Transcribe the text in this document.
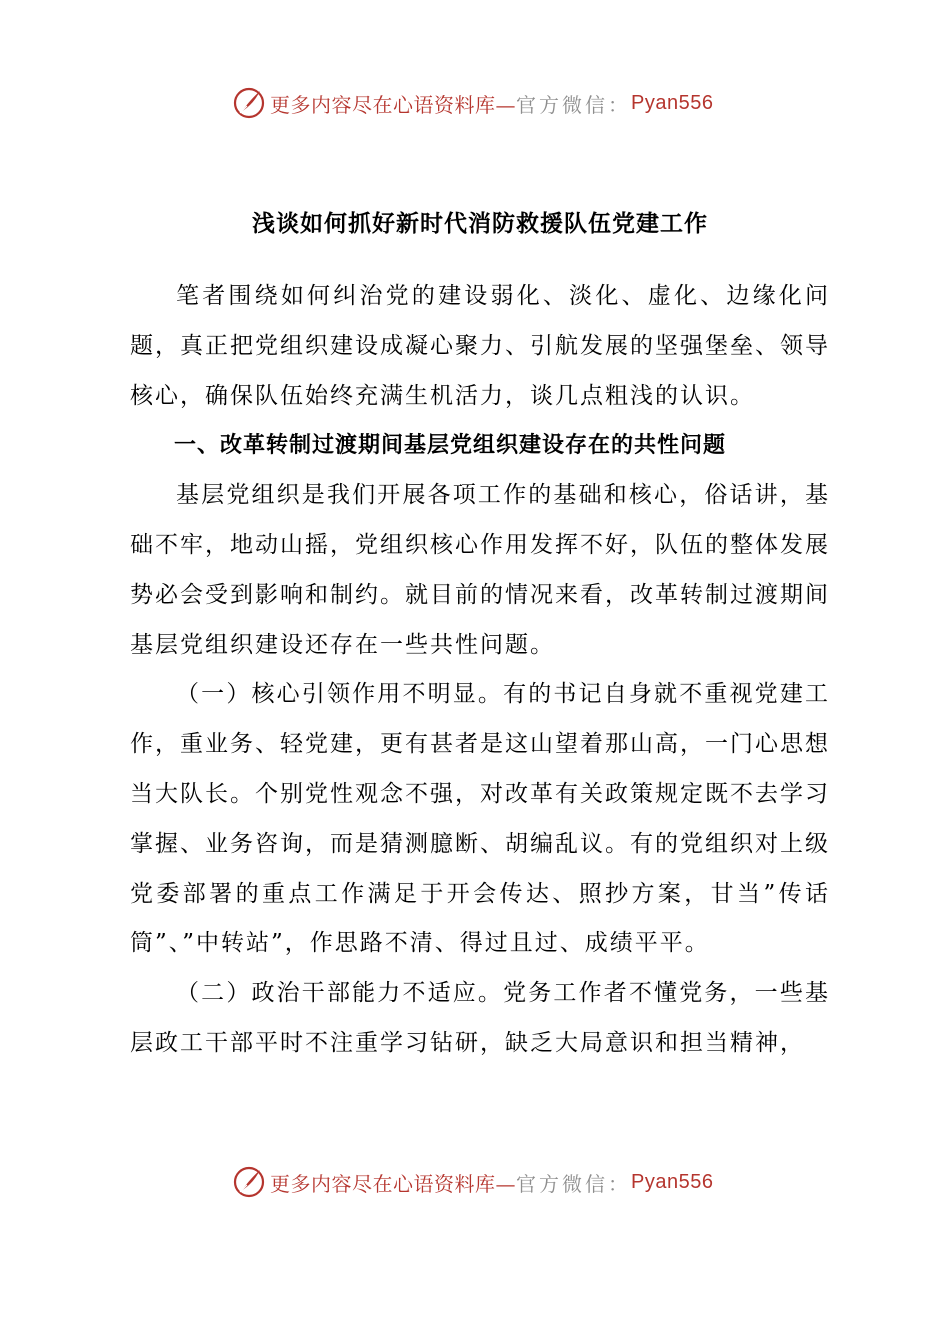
更多内容尽在心语资料库— 官方微信： Pyan556

浅谈如何抓好新时代消防救援队伍党建工作

笔者围绕如何纠治党的建设弱化、淡化、虚化、边缘化问题，真正把党组织建设成凝心聚力、引航发展的坚强堡垒、领导核心，确保队伍始终充满生机活力，谈几点粗浅的认识。

一、改革转制过渡期间基层党组织建设存在的共性问题

基层党组织是我们开展各项工作的基础和核心，俗话讲，基础不牢，地动山摇，党组织核心作用发挥不好，队伍的整体发展势必会受到影响和制约。就目前的情况来看，改革转制过渡期间基层党组织建设还存在一些共性问题。

（一）核心引领作用不明显。有的书记自身就不重视党建工作，重业务、轻党建，更有甚者是这山望着那山高，一门心思想当大队长。个别党性观念不强，对改革有关政策规定既不去学习掌握、业务咨询，而是猜测臆断、胡编乱议。有的党组织对上级党委部署的重点工作满足于开会传达、照抄方案，甘当”传话筒”、”中转站”，作思路不清、得过且过、成绩平平。

（二）政治干部能力不适应。党务工作者不懂党务，一些基层政工干部平时不注重学习钻研，缺乏大局意识和担当精神，

更多内容尽在心语资料库— 官方微信： Pyan556
